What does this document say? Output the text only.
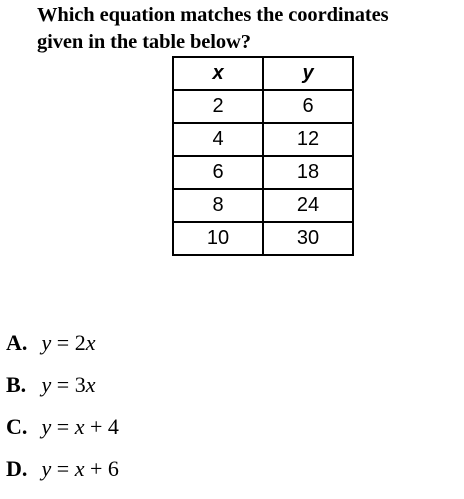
Which equation matches the coordinates
given in the table below?
x	y
2	6
4	12
6	18
8	24
10	30
A. y = 2x
B. y = 3x
C. y = x + 4
D. y = x + 6
